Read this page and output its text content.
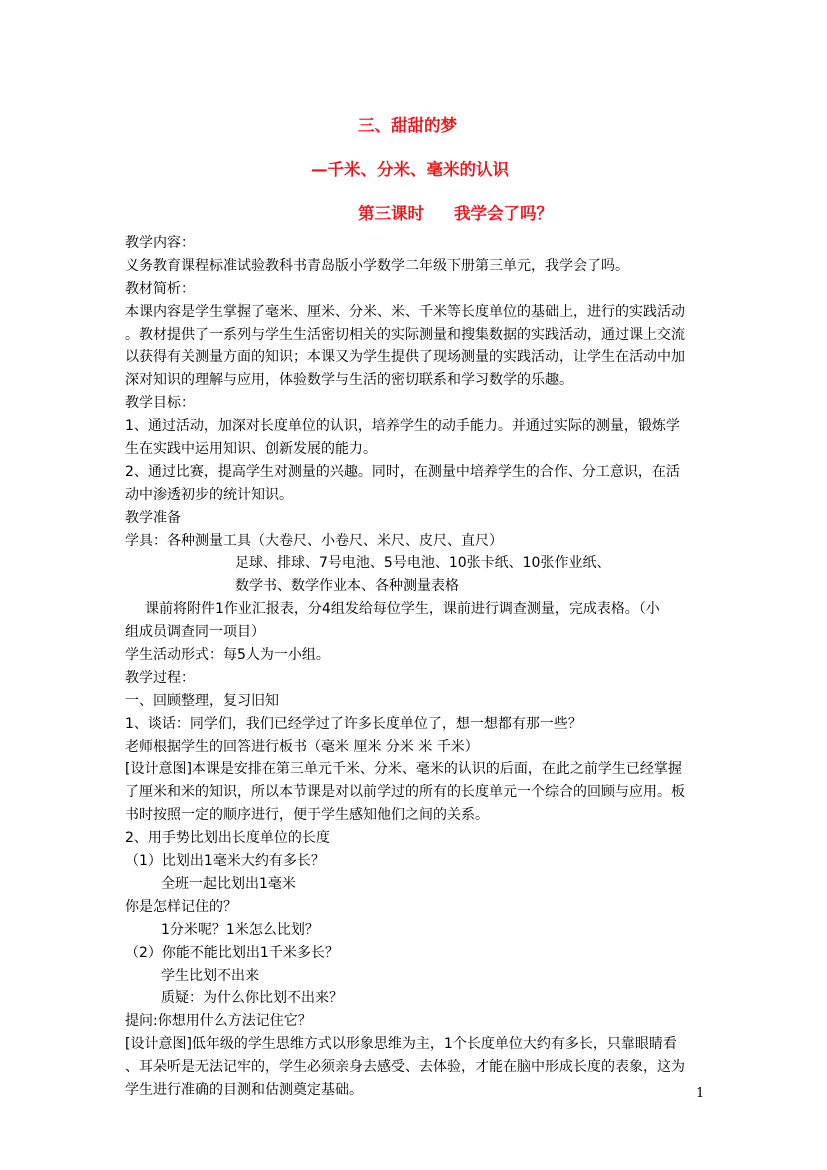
三、甜甜的梦
—千米、分米、毫米的认识
第三课时 我学会了吗？
教学内容：
义务教育课程标准试验教科书青岛版小学数学二年级下册第三单元，我学会了吗。
教材简析：
本课内容是学生掌握了毫米、厘米、分米、米、千米等长度单位的基础上，进行的实践活动
。教材提供了一系列与学生生活密切相关的实际测量和搜集数据的实践活动，通过课上交流
以获得有关测量方面的知识；本课又为学生提供了现场测量的实践活动，让学生在活动中加
深对知识的理解与应用，体验数学与生活的密切联系和学习数学的乐趣。
教学目标：
1、通过活动，加深对长度单位的认识，培养学生的动手能力。并通过实际的测量，锻炼学
生在实践中运用知识、创新发展的能力。
2、通过比赛，提高学生对测量的兴趣。同时，在测量中培养学生的合作、分工意识，在活
动中渗透初步的统计知识。
教学准备
学具：各种测量工具（大卷尺、小卷尺、米尺、皮尺、直尺）
足球、排球、7号电池、5号电池、10张卡纸、10张作业纸、
数学书、数学作业本、各种测量表格
课前将附件1作业汇报表，分4组发给每位学生，课前进行调查测量，完成表格。（小
组成员调查同一项目）
学生活动形式：每5人为一小组。
教学过程：
一、回顾整理，复习旧知
1、谈话：同学们，我们已经学过了许多长度单位了，想一想都有那一些？
老师根据学生的回答进行板书（毫米 厘米 分米 米 千米）
[设计意图]本课是安排在第三单元千米、分米、毫米的认识的后面，在此之前学生已经掌握
了厘米和米的知识，所以本节课是对以前学过的所有的长度单元一个综合的回顾与应用。板
书时按照一定的顺序进行，便于学生感知他们之间的关系。
2、用手势比划出长度单位的长度
（1）比划出1毫米大约有多长？
全班一起比划出1毫米
你是怎样记住的？
1分米呢？1米怎么比划？
（2）你能不能比划出1千米多长？
学生比划不出来
质疑：为什么你比划不出来？
提问:你想用什么方法记住它？
[设计意图]低年级的学生思维方式以形象思维为主，1个长度单位大约有多长，只靠眼睛看
、耳朵听是无法记牢的，学生必须亲身去感受、去体验，才能在脑中形成长度的表象，这为
学生进行准确的目测和估测奠定基础。	1
